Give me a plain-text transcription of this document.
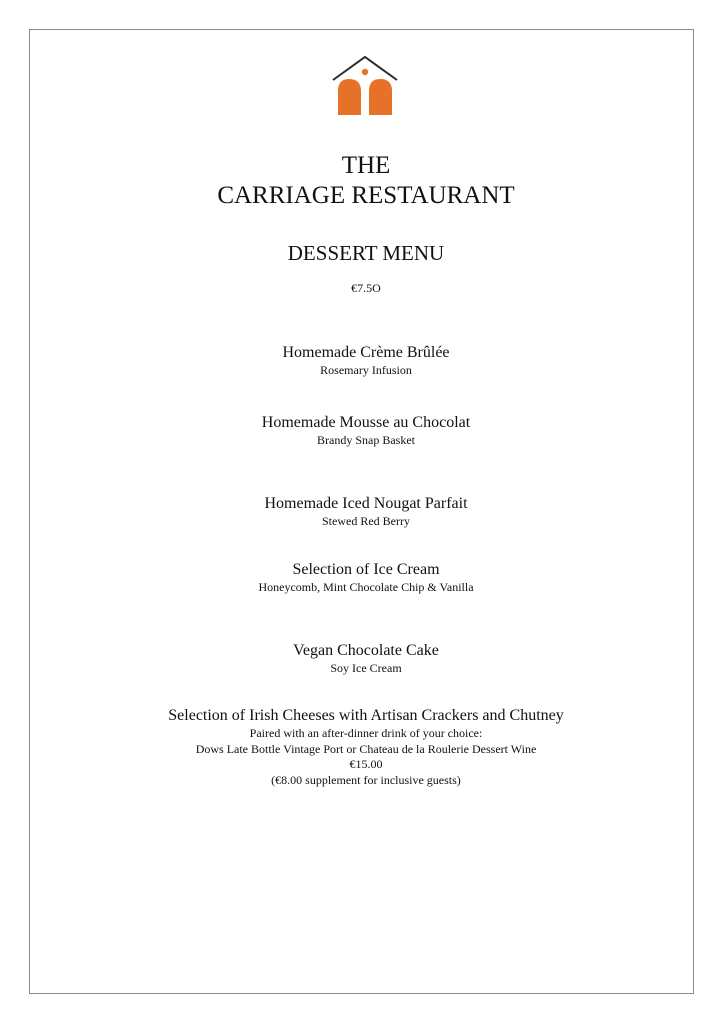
THE
CARRIAGE RESTAURANT
DESSERT MENU
€7.5O
Homemade Crème Brûlée
Rosemary Infusion
Homemade Mousse au Chocolat
Brandy Snap Basket
Homemade Iced Nougat Parfait
Stewed Red Berry
Selection of Ice Cream
Honeycomb, Mint Chocolate Chip & Vanilla
Vegan Chocolate Cake
Soy Ice Cream
Selection of Irish Cheeses with Artisan Crackers and Chutney
Paired with an after-dinner drink of your choice:
Dows Late Bottle Vintage Port or Chateau de la Roulerie Dessert Wine
€15.00
(€8.00 supplement for inclusive guests)
